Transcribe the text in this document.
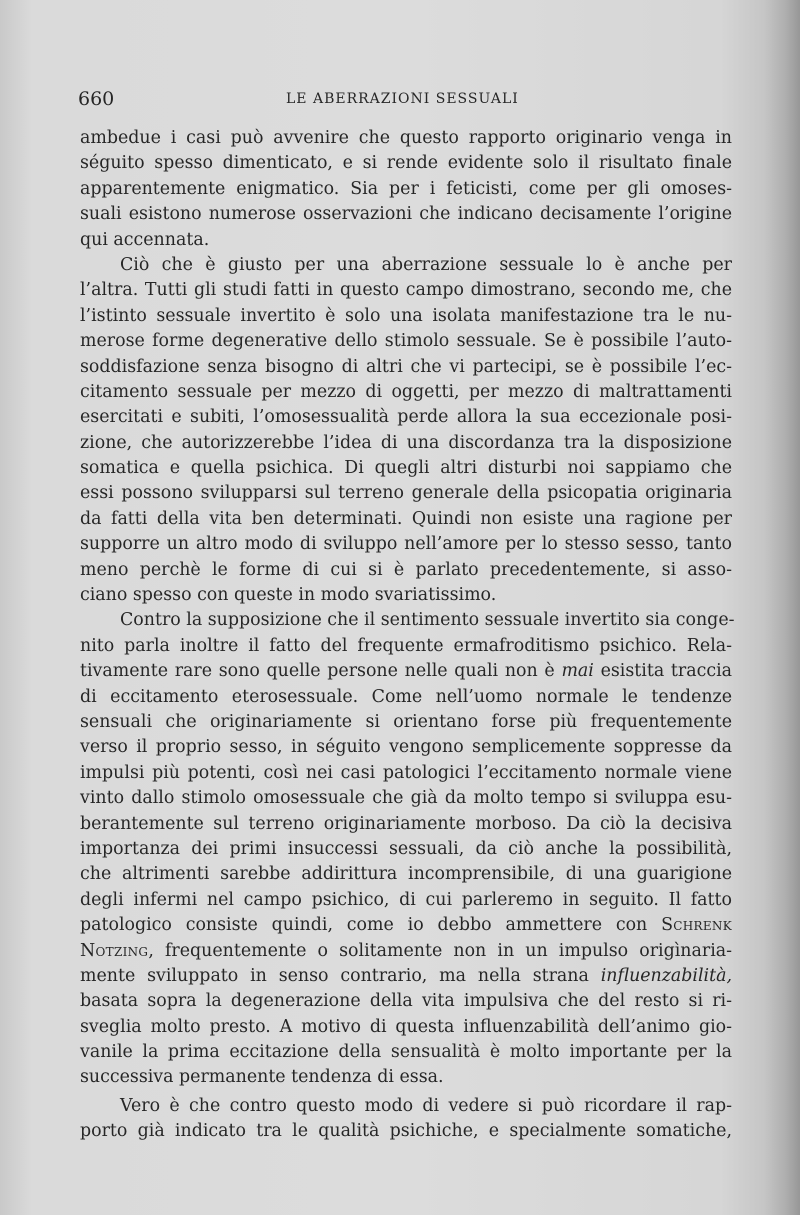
660	LE ABERRAZIONI SESSUALI
ambedue i casi può avvenire che questo rapporto originario venga in
séguito spesso dimenticato, e si rende evidente solo il risultato finale
apparentemente enigmatico. Sia per i feticisti, come per gli omoses-
suali esistono numerose osservazioni che indicano decisamente l’origine
qui accennata.
Ciò che è giusto per una aberrazione sessuale lo è anche per
l’altra. Tutti gli studi fatti in questo campo dimostrano, secondo me, che
l’istinto sessuale invertito è solo una isolata manifestazione tra le nu-
merose forme degenerative dello stimolo sessuale. Se è possibile l’auto-
soddisfazione senza bisogno di altri che vi partecipi, se è possibile l’ec-
citamento sessuale per mezzo di oggetti, per mezzo di maltrattamenti
esercitati e subiti, l’omosessualità perde allora la sua eccezionale posi-
zione, che autorizzerebbe l’idea di una discordanza tra la disposizione
somatica e quella psichica. Di quegli altri disturbi noi sappiamo che
essi possono svilupparsi sul terreno generale della psicopatia originaria
da fatti della vita ben determinati. Quindi non esiste una ragione per
supporre un altro modo di sviluppo nell’amore per lo stesso sesso, tanto
meno perchè le forme di cui si è parlato precedentemente, si asso-
ciano spesso con queste in modo svariatissimo.
Contro la supposizione che il sentimento sessuale invertito sia conge-
nito parla inoltre il fatto del frequente ermafroditismo psichico. Rela-
tivamente rare sono quelle persone nelle quali non è mai esistita traccia
di eccitamento eterosessuale. Come nell’uomo normale le tendenze
sensuali che originariamente si orientano forse più frequentemente
verso il proprio sesso, in séguito vengono semplicemente soppresse da
impulsi più potenti, così nei casi patologici l’eccitamento normale viene
vinto dallo stimolo omosessuale che già da molto tempo si sviluppa esu-
berantemente sul terreno originariamente morboso. Da ciò la decisiva
importanza dei primi insuccessi sessuali, da ciò anche la possibilità,
che altrimenti sarebbe addirittura incomprensibile, di una guarigione
degli infermi nel campo psichico, di cui parleremo in seguito. Il fatto
patologico consiste quindi, come io debbo ammettere con Schrenk
Notzing, frequentemente o solitamente non in un impulso origìnaria-
mente sviluppato in senso contrario, ma nella strana influenzabilità,
basata sopra la degenerazione della vita impulsiva che del resto si ri-
sveglia molto presto. A motivo di questa influenzabilità dell’animo gio-
vanile la prima eccitazione della sensualità è molto importante per la
successiva permanente tendenza di essa.
Vero è che contro questo modo di vedere si può ricordare il rap-
porto già indicato tra le qualità psichiche, e specialmente somatiche,
